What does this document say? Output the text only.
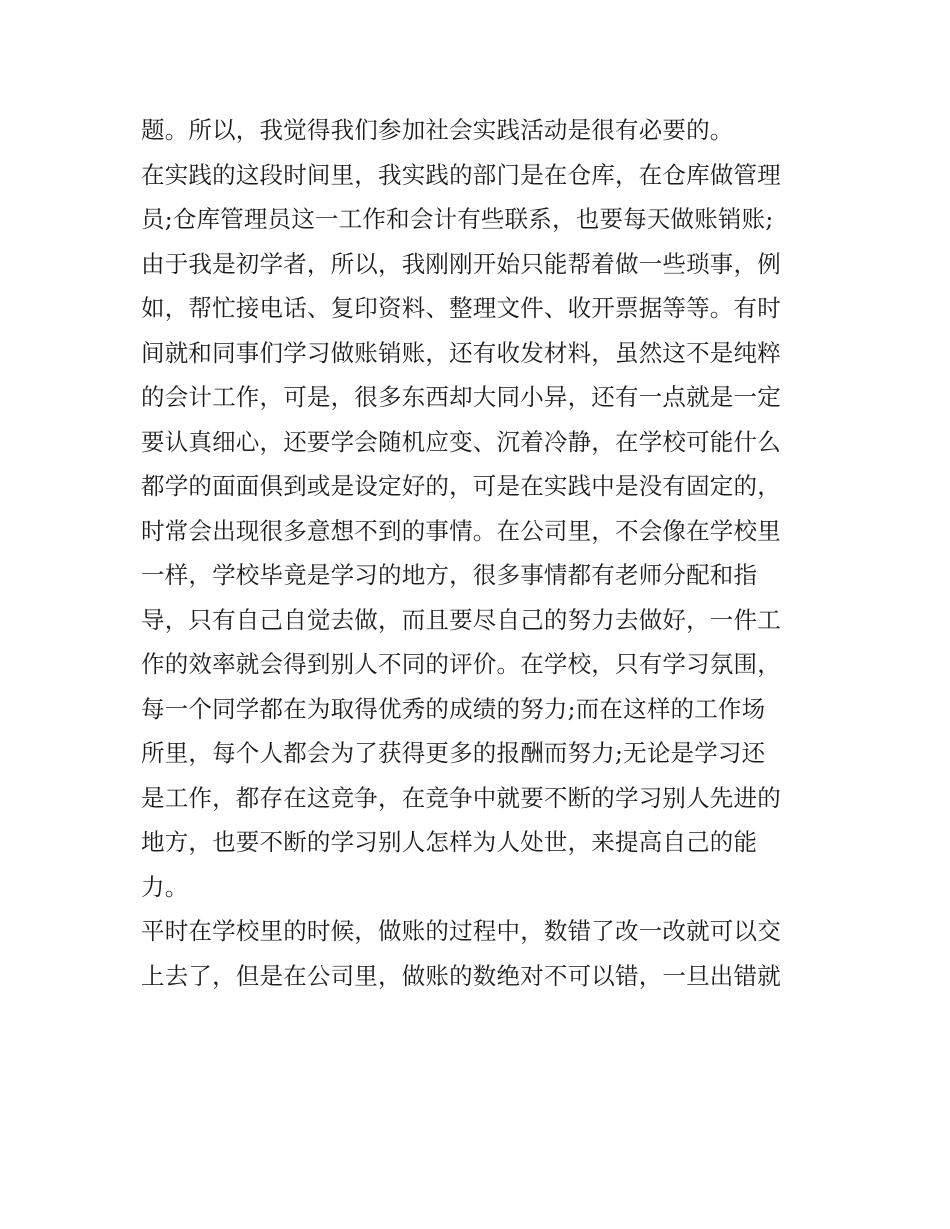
题。所以，我觉得我们参加社会实践活动是很有必要的。
在实践的这段时间里，我实践的部门是在仓库，在仓库做管理
员;仓库管理员这一工作和会计有些联系，也要每天做账销账;
由于我是初学者，所以，我刚刚开始只能帮着做一些琐事，例
如，帮忙接电话、复印资料、整理文件、收开票据等等。有时
间就和同事们学习做账销账，还有收发材料，虽然这不是纯粹
的会计工作，可是，很多东西却大同小异，还有一点就是一定
要认真细心，还要学会随机应变、沉着冷静，在学校可能什么
都学的面面俱到或是设定好的，可是在实践中是没有固定的，
时常会出现很多意想不到的事情。在公司里，不会像在学校里
一样，学校毕竟是学习的地方，很多事情都有老师分配和指
导，只有自己自觉去做，而且要尽自己的努力去做好，一件工
作的效率就会得到别人不同的评价。在学校，只有学习氛围，
每一个同学都在为取得优秀的成绩的努力;而在这样的工作场
所里，每个人都会为了获得更多的报酬而努力;无论是学习还
是工作，都存在这竞争，在竞争中就要不断的学习别人先进的
地方，也要不断的学习别人怎样为人处世，来提高自己的能
力。
平时在学校里的时候，做账的过程中，数错了改一改就可以交
上去了，但是在公司里，做账的数绝对不可以错，一旦出错就
